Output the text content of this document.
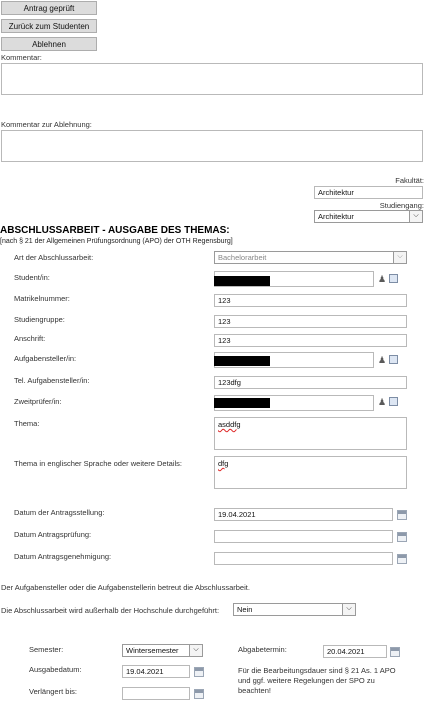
Antrag geprüft
Zurück zum Studenten
Ablehnen
Kommentar:
Kommentar zur Ablehnung:
Fakultät:
Architektur
Studiengang:
Architektur	⌵
ABSCHLUSSARBEIT - AUSGABE DES THEMAS:
[nach § 21 der Allgemeinen Prüfungsordnung (APO) der OTH Regensburg]
Art der Abschlussarbeit:	Bachelorarbeit	⌵
Student/in:	♟
Matrikelnummer:	123
Studiengruppe:	123
Anschrift:	123
Aufgabensteller/in:	♟
Tel. Aufgabensteller/in:	123dfg
Zweitprüfer/in:	♟
Thema:	asddfg
Thema in englischer Sprache oder weitere Details:	dfg
Datum der Antragsstellung:	19.04.2021
Datum Antragsprüfung:
Datum Antragsgenehmigung:
Der Aufgabensteller oder die Aufgabenstellerin betreut die Abschlussarbeit.
Die Abschlussarbeit wird außerhalb der Hochschule durchgeführt:	Nein	⌵
Semester:	Wintersemester	⌵
Ausgabedatum:	19.04.2021
Verlängert bis:
Abgabetermin:	20.04.2021
Für die Bearbeitungsdauer sind § 21 As. 1 APO und ggf. weitere Regelungen der SPO zu beachten!
